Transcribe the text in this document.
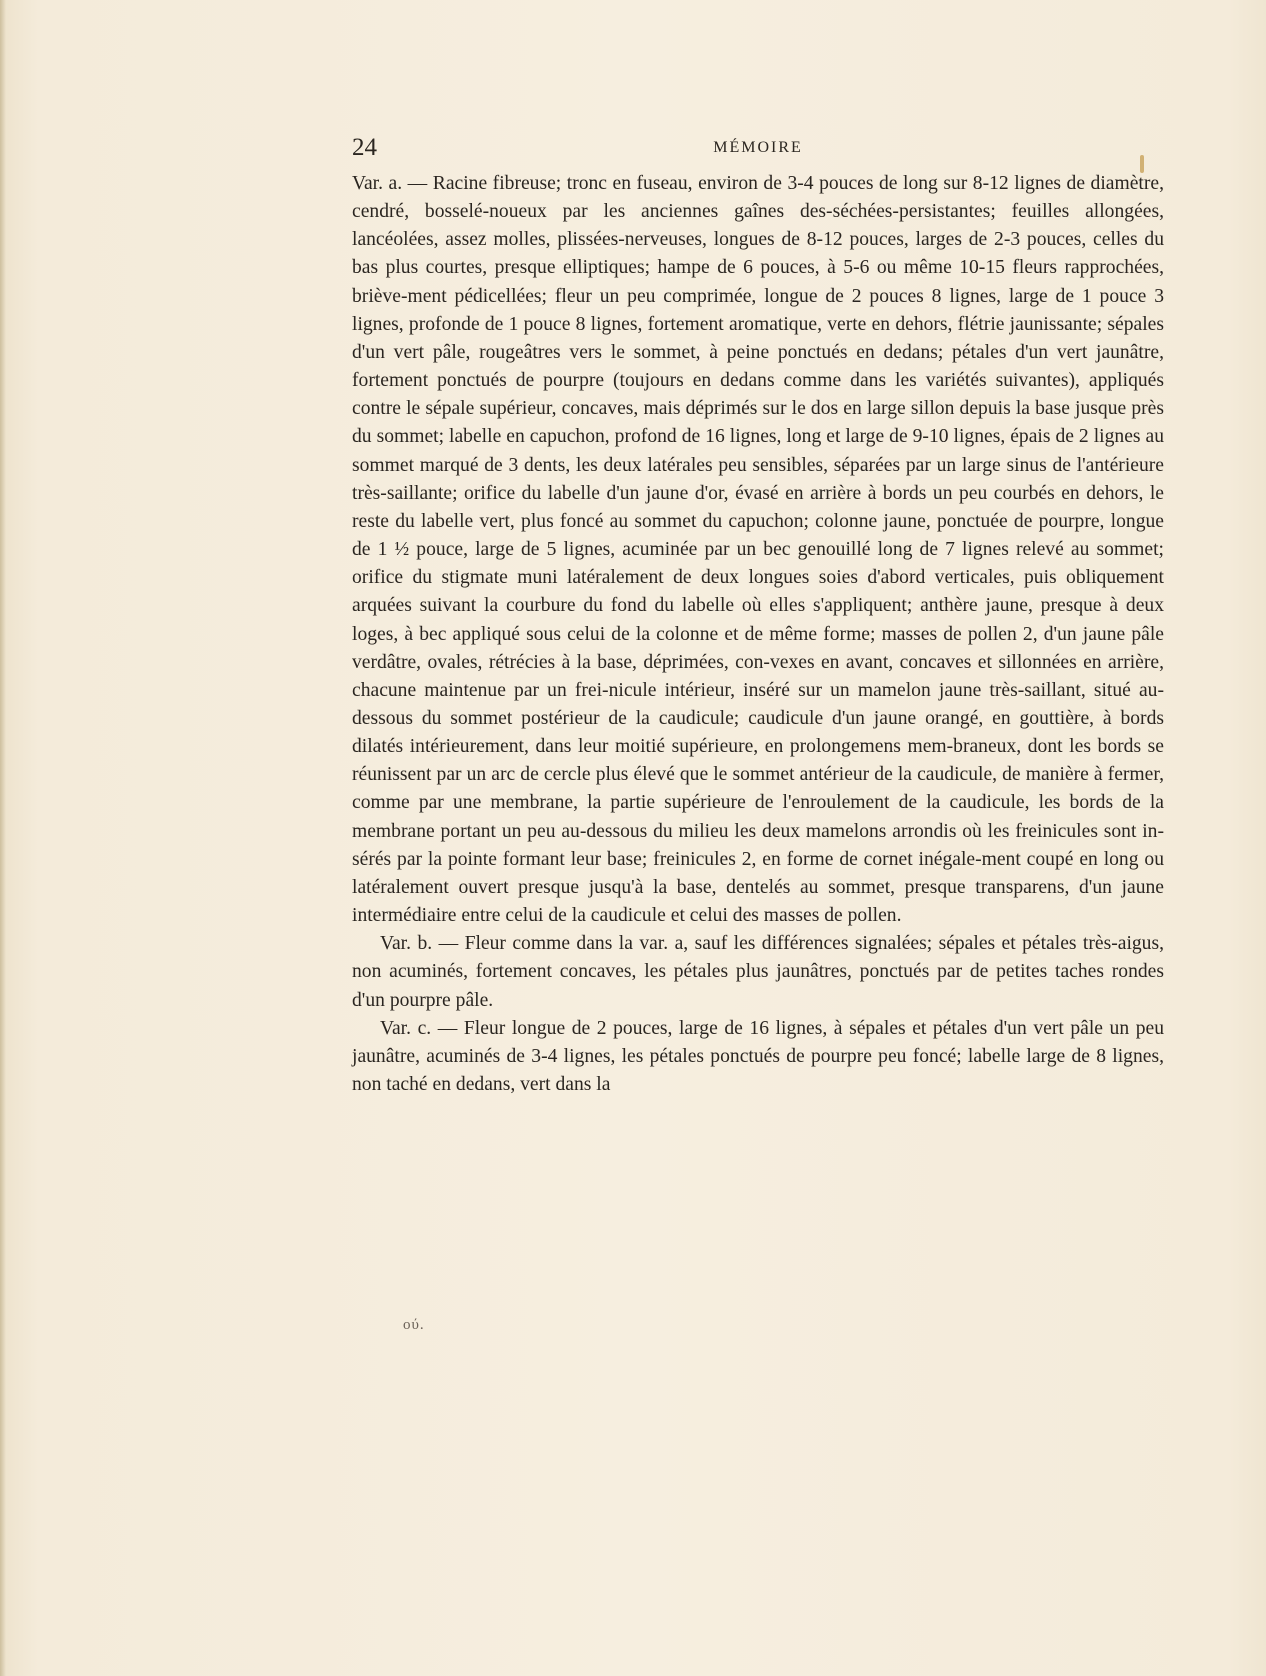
24	MÉMOIRE

Var. a. — Racine fibreuse; tronc en fuseau, environ de 3-4 pouces de long sur 8-12 lignes de diamètre, cendré, bosselé-noueux par les anciennes gaînes des-séchées-persistantes; feuilles allongées, lancéolées, assez molles, plissées-nerveuses, longues de 8-12 pouces, larges de 2-3 pouces, celles du bas plus courtes, presque elliptiques; hampe de 6 pouces, à 5-6 ou même 10-15 fleurs rapprochées, briève-ment pédicellées; fleur un peu comprimée, longue de 2 pouces 8 lignes, large de 1 pouce 3 lignes, profonde de 1 pouce 8 lignes, fortement aromatique, verte en dehors, flétrie jaunissante; sépales d'un vert pâle, rougeâtres vers le sommet, à peine ponctués en dedans; pétales d'un vert jaunâtre, fortement ponctués de pourpre (toujours en dedans comme dans les variétés suivantes), appliqués contre le sépale supérieur, concaves, mais déprimés sur le dos en large sillon depuis la base jusque près du sommet; labelle en capuchon, profond de 16 lignes, long et large de 9-10 lignes, épais de 2 lignes au sommet marqué de 3 dents, les deux latérales peu sensibles, séparées par un large sinus de l'antérieure très-saillante; orifice du labelle d'un jaune d'or, évasé en arrière à bords un peu courbés en dehors, le reste du labelle vert, plus foncé au sommet du capuchon; colonne jaune, ponctuée de pourpre, longue de 1 ½ pouce, large de 5 lignes, acuminée par un bec genouillé long de 7 lignes relevé au sommet; orifice du stigmate muni latéralement de deux longues soies d'abord verticales, puis obliquement arquées suivant la courbure du fond du labelle où elles s'appliquent; anthère jaune, presque à deux loges, à bec appliqué sous celui de la colonne et de même forme; masses de pollen 2, d'un jaune pâle verdâtre, ovales, rétrécies à la base, déprimées, con-vexes en avant, concaves et sillonnées en arrière, chacune maintenue par un frei-nicule intérieur, inséré sur un mamelon jaune très-saillant, situé au-dessous du sommet postérieur de la caudicule; caudicule d'un jaune orangé, en gouttière, à bords dilatés intérieurement, dans leur moitié supérieure, en prolongemens mem-braneux, dont les bords se réunissent par un arc de cercle plus élevé que le sommet antérieur de la caudicule, de manière à fermer, comme par une membrane, la partie supérieure de l'enroulement de la caudicule, les bords de la membrane portant un peu au-dessous du milieu les deux mamelons arrondis où les freinicules sont in-sérés par la pointe formant leur base; freinicules 2, en forme de cornet inégale-ment coupé en long ou latéralement ouvert presque jusqu'à la base, dentelés au sommet, presque transparens, d'un jaune intermédiaire entre celui de la caudicule et celui des masses de pollen.

Var. b. — Fleur comme dans la var. a, sauf les différences signalées; sépales et pétales très-aigus, non acuminés, fortement concaves, les pétales plus jaunâtres, ponctués par de petites taches rondes d'un pourpre pâle.

Var. c. — Fleur longue de 2 pouces, large de 16 lignes, à sépales et pétales d'un vert pâle un peu jaunâtre, acuminés de 3-4 lignes, les pétales ponctués de pourpre peu foncé; labelle large de 8 lignes, non taché en dedans, vert dans la

ού.
